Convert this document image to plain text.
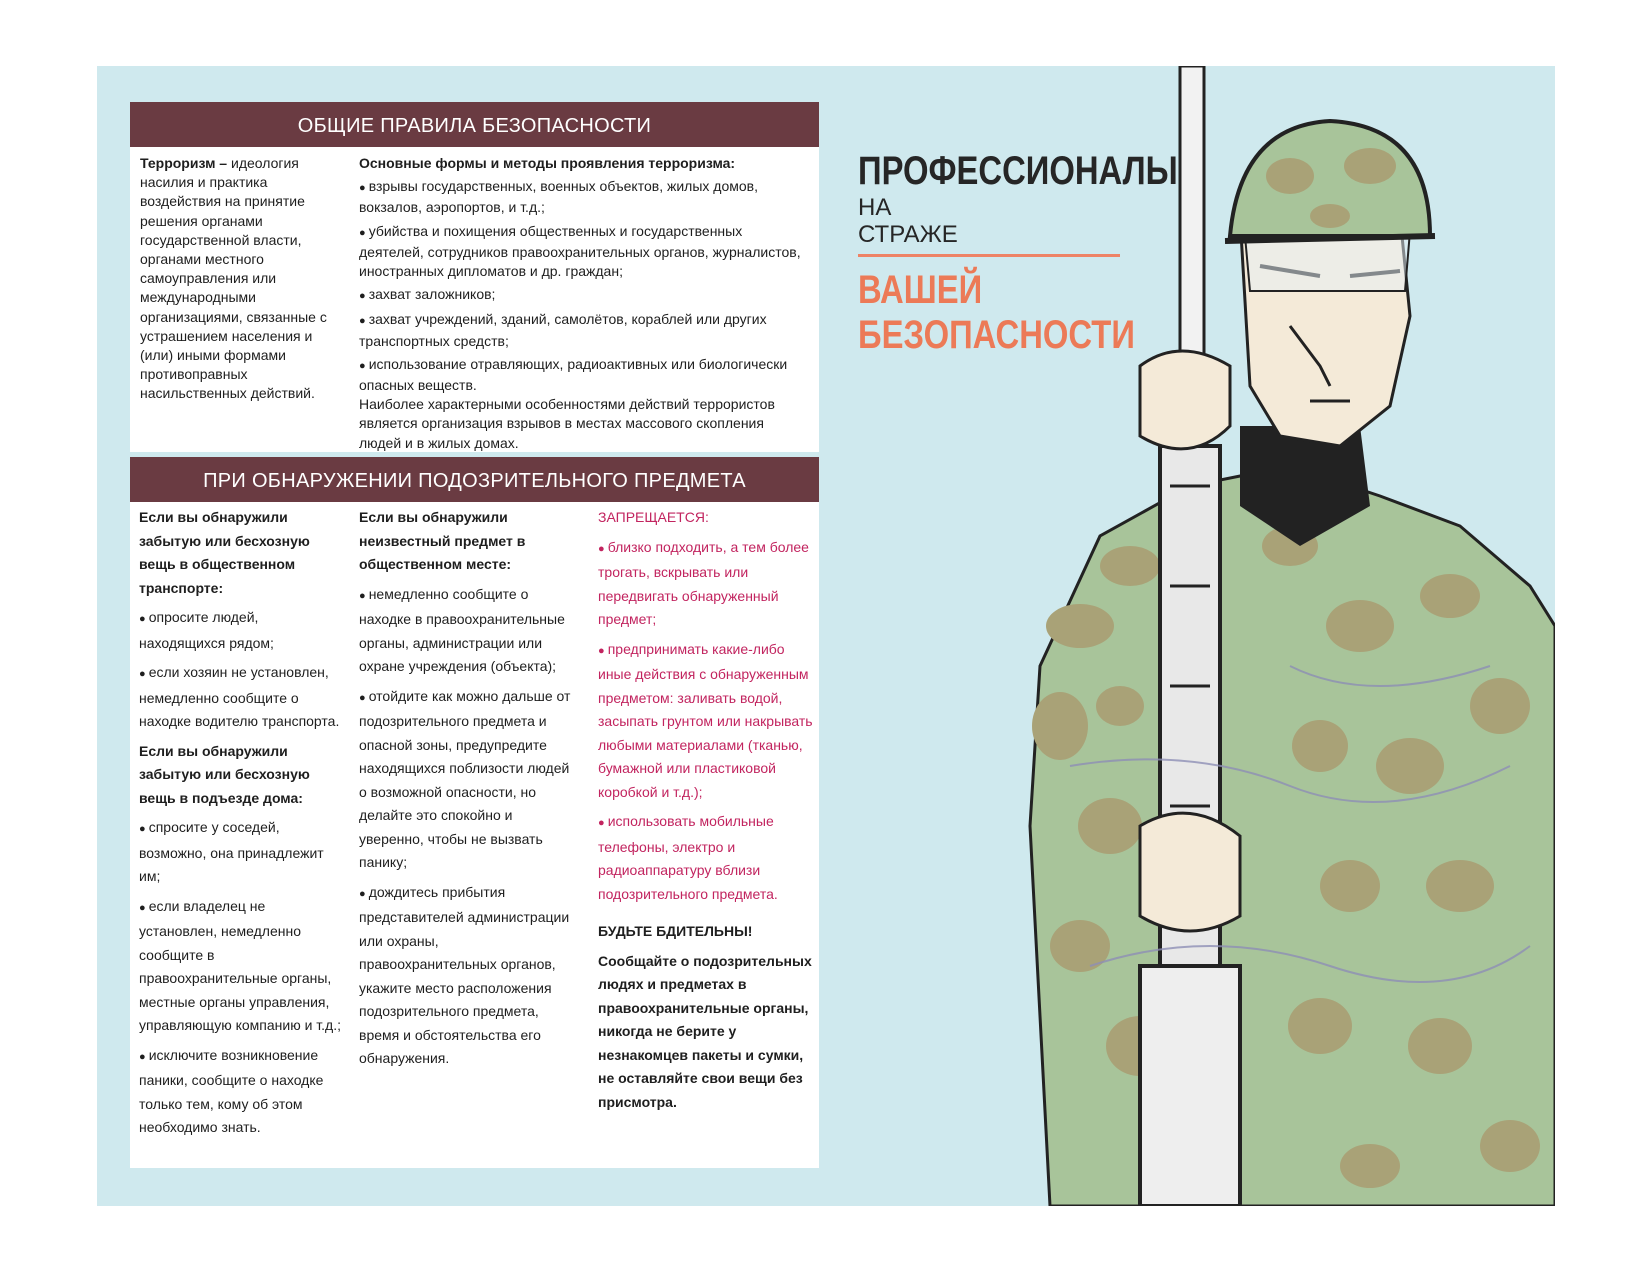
ОБЩИЕ ПРАВИЛА БЕЗОПАСНОСТИ
Терроризм – идеология насилия и практика воздействия на принятие решения органами государственной власти, органами местного самоуправления или международными организациями, связанные с устрашением населения и (или) иными формами противоправных насильственных действий.

Основные формы и методы проявления терроризма:

● взрывы государственных, военных объектов, жилых домов, вокзалов, аэропортов, и т.д.;

● убийства и похищения общественных и государственных деятелей, сотрудников правоохранительных органов, журналистов, иностранных дипломатов и др. граждан;

● захват заложников;

● захват учреждений, зданий, самолётов, кораблей или других транспортных средств;

● использование отравляющих, радиоактивных или биологически опасных веществ.

Наиболее характерными особенностями действий террористов является организация взрывов в местах массового скопления людей и в жилых домах.

ПРИ ОБНАРУЖЕНИИ ПОДОЗРИТЕЛЬНОГО ПРЕДМЕТА

Если вы обнаружили забытую или бесхозную вещь в общественном транспорте:

● опросите людей, находящихся рядом;

● если хозяин не установлен, немедленно сообщите о находке водителю транспорта.

Если вы обнаружили забытую или бесхозную вещь в подъезде дома:

● спросите у соседей, возможно, она принадлежит им;

● если владелец не установлен, немедленно сообщите в правоохранительные органы, местные органы управления, управляющую компанию и т.д.;

● исключите возникновение паники, сообщите о находке только тем, кому об этом необходимо знать.

Если вы обнаружили неизвестный предмет в общественном месте:

● немедленно сообщите о находке в правоохранительные органы, администрации или охране учреждения (объекта);

● отойдите как можно дальше от подозрительного предмета и опасной зоны, предупредите находящихся поблизости людей о возможной опасности, но делайте это спокойно и уверенно, чтобы не вызвать панику;

● дождитесь прибытия представителей администрации или охраны, правоохранительных органов, укажите место расположения подозрительного предмета, время и обстоятельства его обнаружения.

ЗАПРЕЩАЕТСЯ:

● близко подходить, а тем более трогать, вскрывать или передвигать обнаруженный предмет;

● предпринимать какие-либо иные действия с обнаруженным предметом: заливать водой, засыпать грунтом или накрывать любыми материалами (тканью, бумажной или пластиковой коробкой и т.д.);

● использовать мобильные телефоны, электро и радиоаппаратуру вблизи подозрительного предмета.

БУДЬТЕ БДИТЕЛЬНЫ!

Сообщайте о подозрительных людях и предметах в правоохранительные органы, никогда не берите у незнакомцев пакеты и сумки, не оставляйте свои вещи без присмотра.

ПРОФЕССИОНАЛЫ
НА
СТРАЖЕ
ВАШЕЙ
БЕЗОПАСНОСТИ
